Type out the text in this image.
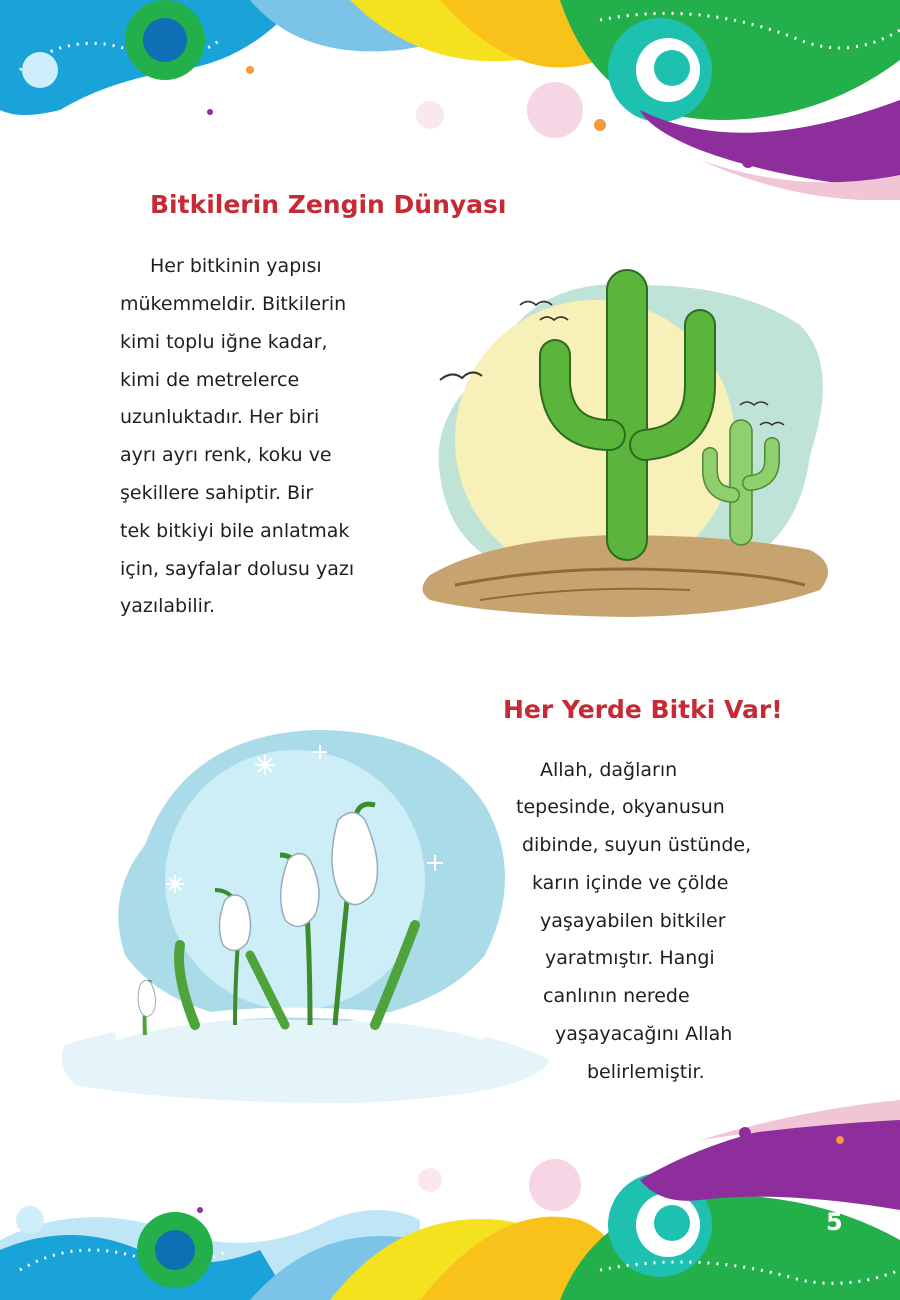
Bitkilerin Zengin Dünyası

Her bitkinin yapısı

mükemmeldir. Bitkilerin

kimi toplu iğne kadar,

kimi de metrelerce

uzunluktadır. Her biri

ayrı ayrı renk, koku ve

şekillere sahiptir. Bir

tek bitkiyi bile anlatmak

için, sayfalar dolusu yazı

yazılabilir.

Her Yerde Bitki Var!

Allah, dağların

tepesinde, okyanusun

dibinde, suyun üstünde,

karın içinde ve çölde

yaşayabilen bitkiler

yaratmıştır. Hangi

canlının nerede

yaşayacağını Allah

belirlemiştir.

5
